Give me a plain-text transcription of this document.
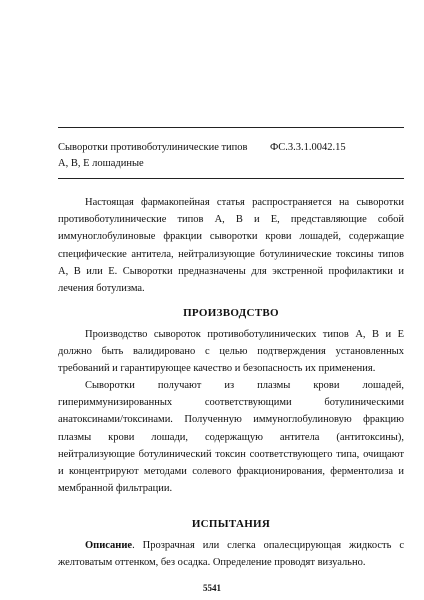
Сыворотки противоботулинические типов А, В, Е лошадиные
ФС.3.3.1.0042.15

Настоящая фармакопейная статья распространяется на сыворотки противоботулинические типов А, В и Е, представляющие собой иммуноглобулиновые фракции сыворотки крови лошадей, содержащие специфические антитела, нейтрализующие ботулинические токсины типов А, В или Е. Сыворотки предназначены для экстренной профилактики и лечения ботулизма.

ПРОИЗВОДСТВО

Производство сывороток противоботулинических типов А, В и Е должно быть валидировано с целью подтверждения установленных требований и гарантирующее качество и безопасность их применения.

Сыворотки получают из плазмы крови лошадей, гипериммунизированных соответствующими ботулиническими анатоксинами/токсинами. Полученную иммуноглобулиновую фракцию плазмы крови лошади, содержащую антитела (антитоксины), нейтрализующие ботулинический токсин соответствующего типа, очищают и концентрируют методами солевого фракционирования, ферментолиза и мембранной фильтрации.

ИСПЫТАНИЯ

Описание. Прозрачная или слегка опалесцирующая жидкость с желтоватым оттенком, без осадка. Определение проводят визуально.

5541
